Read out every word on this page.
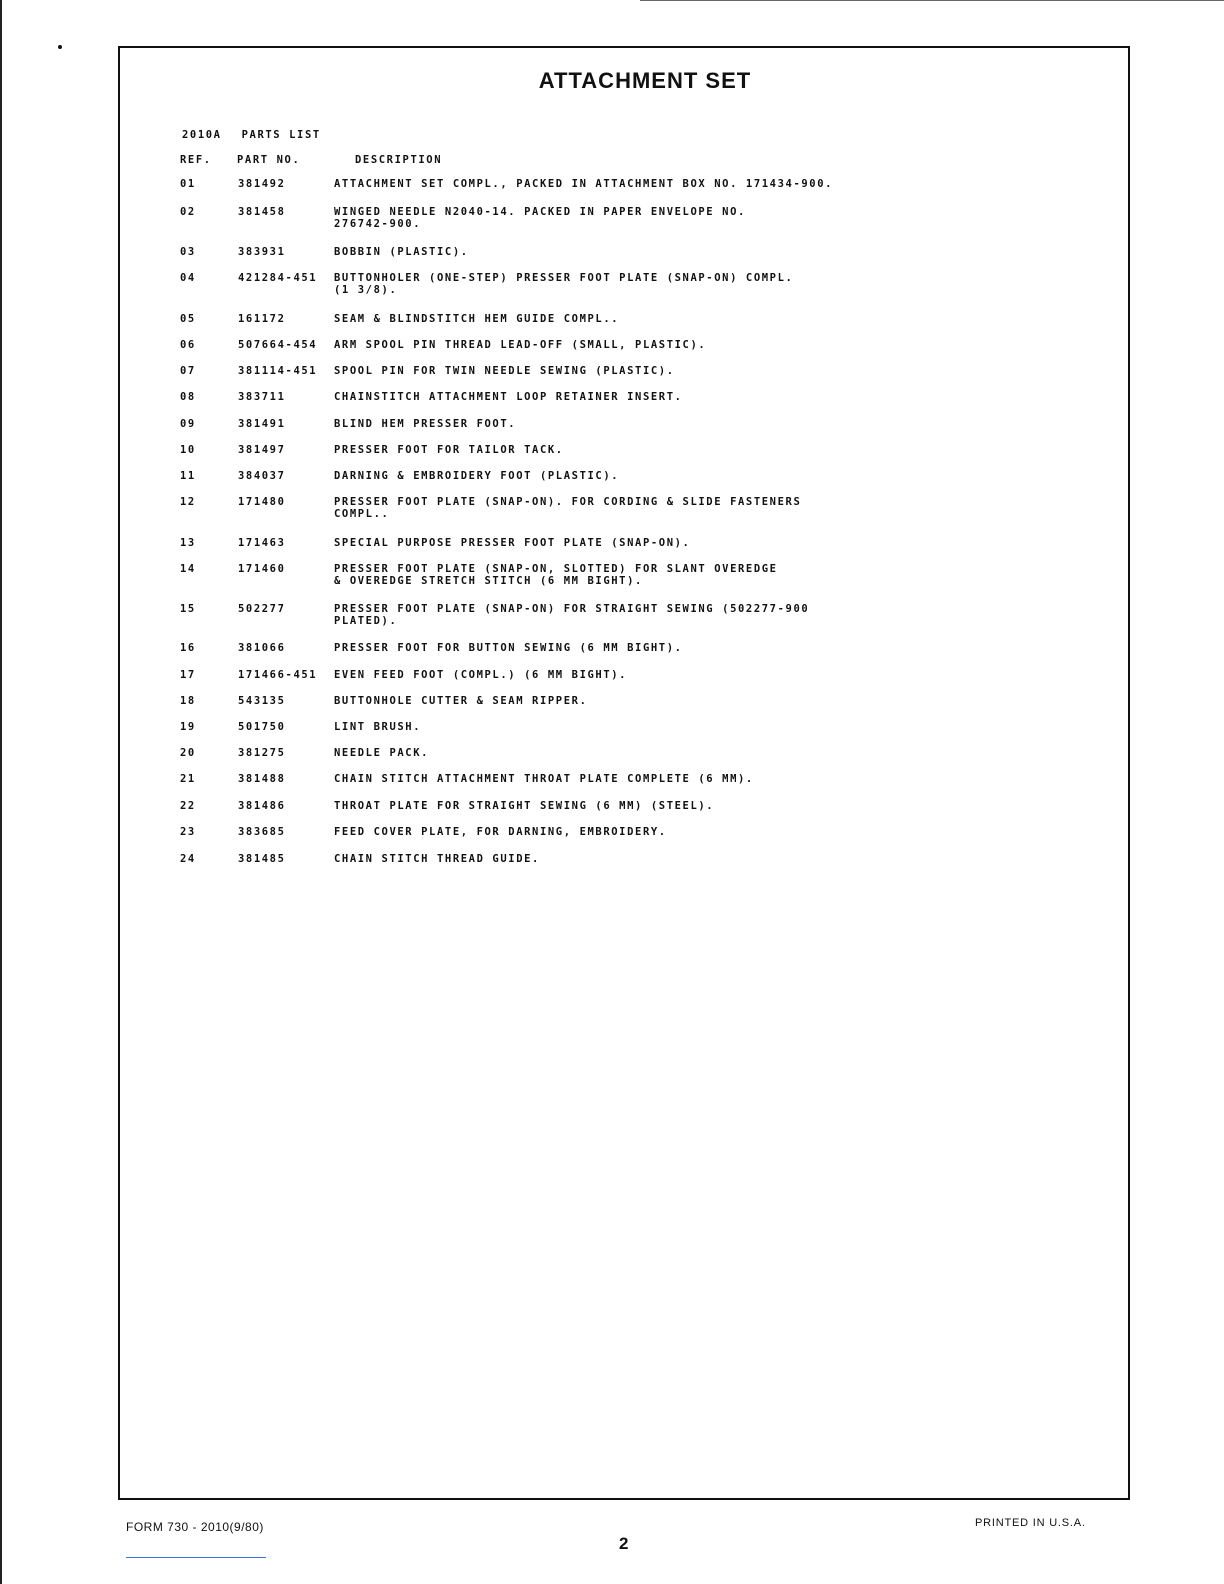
ATTACHMENT SET
2010A PARTS LIST
REF. PART NO.	DESCRIPTION
01	381492	ATTACHMENT SET COMPL., PACKED IN ATTACHMENT BOX NO. 171434-900.
02	381458	WINGED NEEDLE N2040-14. PACKED IN PAPER ENVELOPE NO.
276742-900.
03	383931	BOBBIN (PLASTIC).
04	421284-451	BUTTONHOLER (ONE-STEP) PRESSER FOOT PLATE (SNAP-ON) COMPL.
(1 3/8).
05	161172	SEAM & BLINDSTITCH HEM GUIDE COMPL..
06	507664-454	ARM SPOOL PIN THREAD LEAD-OFF (SMALL, PLASTIC).
07	381114-451	SPOOL PIN FOR TWIN NEEDLE SEWING (PLASTIC).
08	383711	CHAINSTITCH ATTACHMENT LOOP RETAINER INSERT.
09	381491	BLIND HEM PRESSER FOOT.
10	381497	PRESSER FOOT FOR TAILOR TACK.
11	384037	DARNING & EMBROIDERY FOOT (PLASTIC).
12	171480	PRESSER FOOT PLATE (SNAP-ON). FOR CORDING & SLIDE FASTENERS
COMPL..
13	171463	SPECIAL PURPOSE PRESSER FOOT PLATE (SNAP-ON).
14	171460	PRESSER FOOT PLATE (SNAP-ON, SLOTTED) FOR SLANT OVEREDGE
& OVEREDGE STRETCH STITCH (6 MM BIGHT).
15	502277	PRESSER FOOT PLATE (SNAP-ON) FOR STRAIGHT SEWING (502277-900
PLATED).
16	381066	PRESSER FOOT FOR BUTTON SEWING (6 MM BIGHT).
17	171466-451	EVEN FEED FOOT (COMPL.) (6 MM BIGHT).
18	543135	BUTTONHOLE CUTTER & SEAM RIPPER.
19	501750	LINT BRUSH.
20	381275	NEEDLE PACK.
21	381488	CHAIN STITCH ATTACHMENT THROAT PLATE COMPLETE (6 MM).
22	381486	THROAT PLATE FOR STRAIGHT SEWING (6 MM) (STEEL).
23	383685	FEED COVER PLATE, FOR DARNING, EMBROIDERY.
24	381485	CHAIN STITCH THREAD GUIDE.
FORM 730 - 2010(9/80)
2
PRINTED IN U.S.A.
